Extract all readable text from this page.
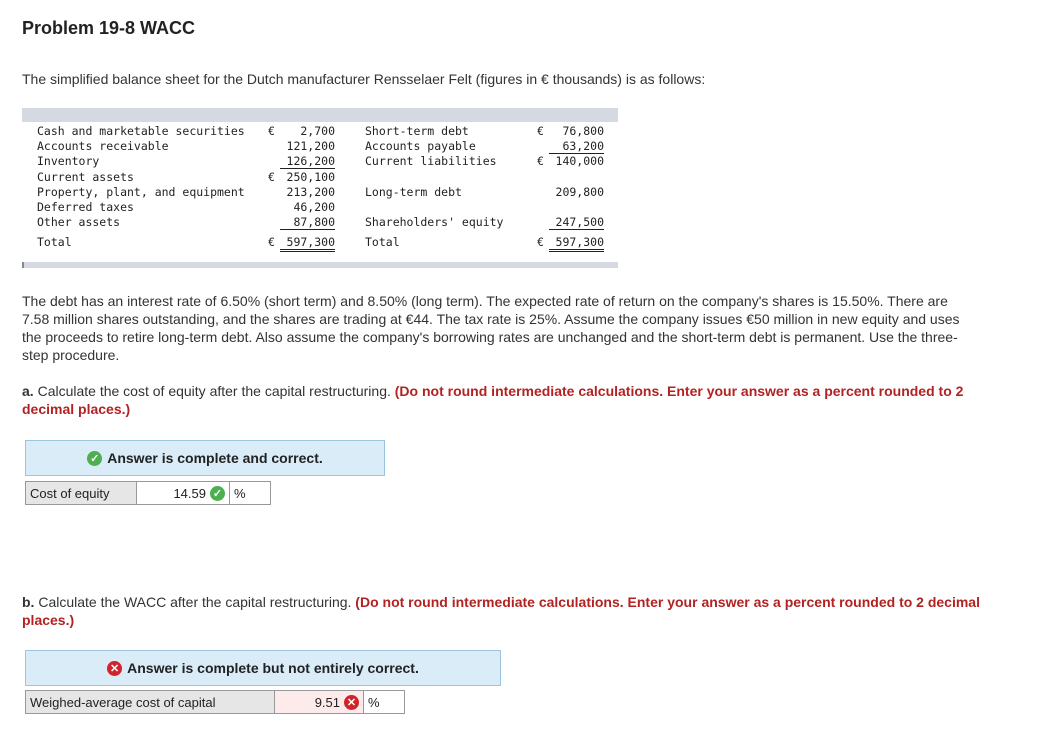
Problem 19-8 WACC
The simplified balance sheet for the Dutch manufacturer Rensselaer Felt (figures in € thousands) is as follows:
Cash and marketable securities
Accounts receivable
Inventory
Current assets
Property, plant, and equipment
Deferred taxes
Other assets
Total
€
€
€
2,700
121,200
126,200
250,100
213,200
46,200
87,800
597,300
Short-term debt
Accounts payable
Current liabilities
Long-term debt
Shareholders' equity
Total
€
€
€
76,800
63,200
140,000
209,800
247,500
597,300
The debt has an interest rate of 6.50% (short term) and 8.50% (long term). The expected rate of return on the company's shares is 15.50%. There are 7.58 million shares outstanding, and the shares are trading at €44. The tax rate is 25%. Assume the company issues €50 million in new equity and uses the proceeds to retire long-term debt. Also assume the company's borrowing rates are unchanged and the short-term debt is permanent. Use the three-step procedure.
a. Calculate the cost of equity after the capital restructuring. (Do not round intermediate calculations. Enter your answer as a percent rounded to 2 decimal places.)
✓ Answer is complete and correct.
Cost of equity	14.59 ✓ %
b. Calculate the WACC after the capital restructuring. (Do not round intermediate calculations. Enter your answer as a percent rounded to 2 decimal places.)
✕ Answer is complete but not entirely correct.
Weighed-average cost of capital	9.51 ✕ %
